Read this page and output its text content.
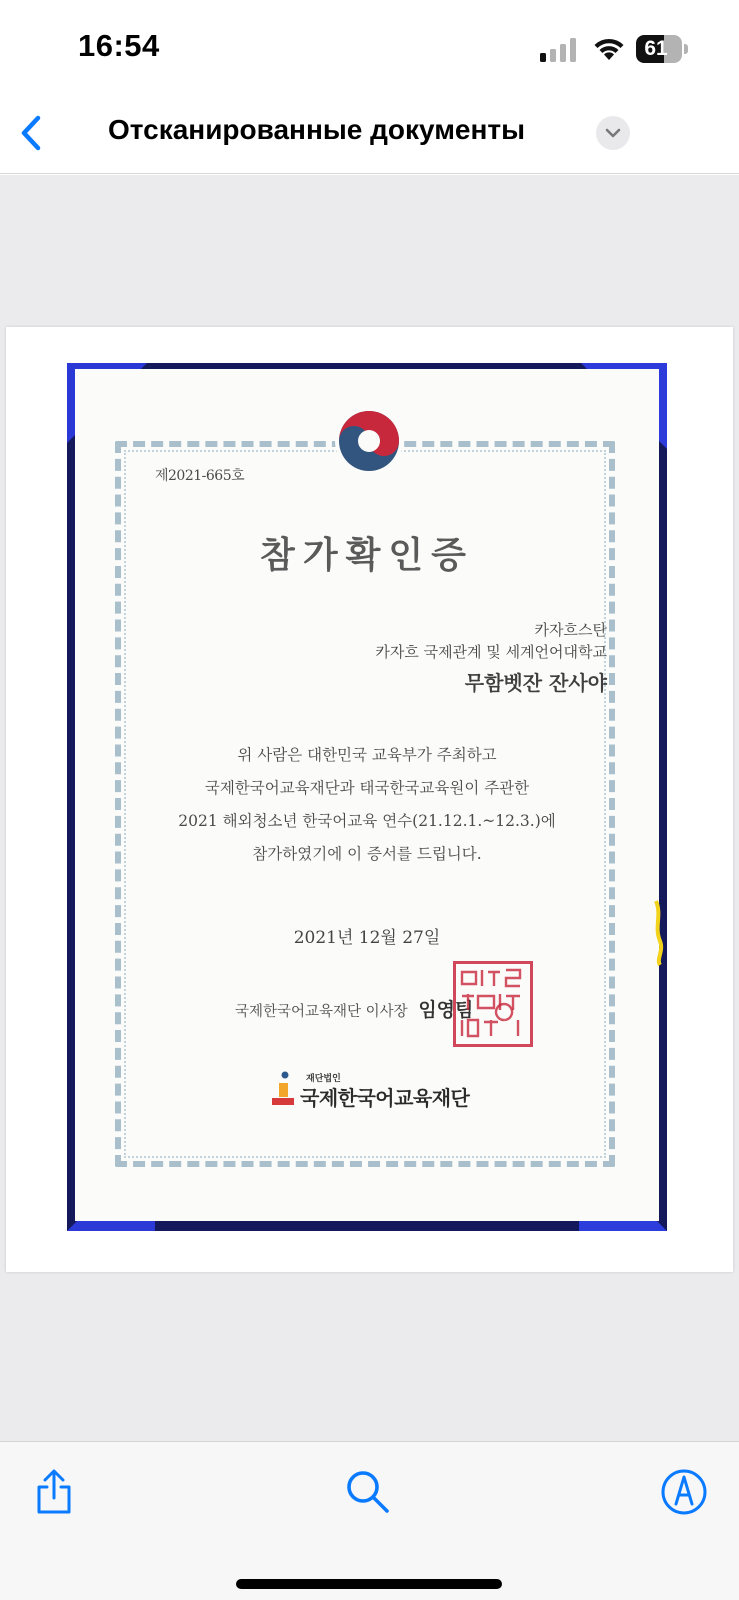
16:54	61
Отсканированные документы
제2021-665호
참가확인증
카자흐스탄
카자흐 국제관계 및 세계언어대학교
무함벳잔 잔사야
위 사람은 대한민국 교육부가 주최하고
국제한국어교육재단과 태국한국교육원이 주관한
2021 해외청소년 한국어교육 연수(21.12.1.~12.3.)에
참가하였기에 이 증서를 드립니다.
2021년 12월 27일
국제한국어교육재단 이사장 임영팀
재단법인
국제한국어교육재단
